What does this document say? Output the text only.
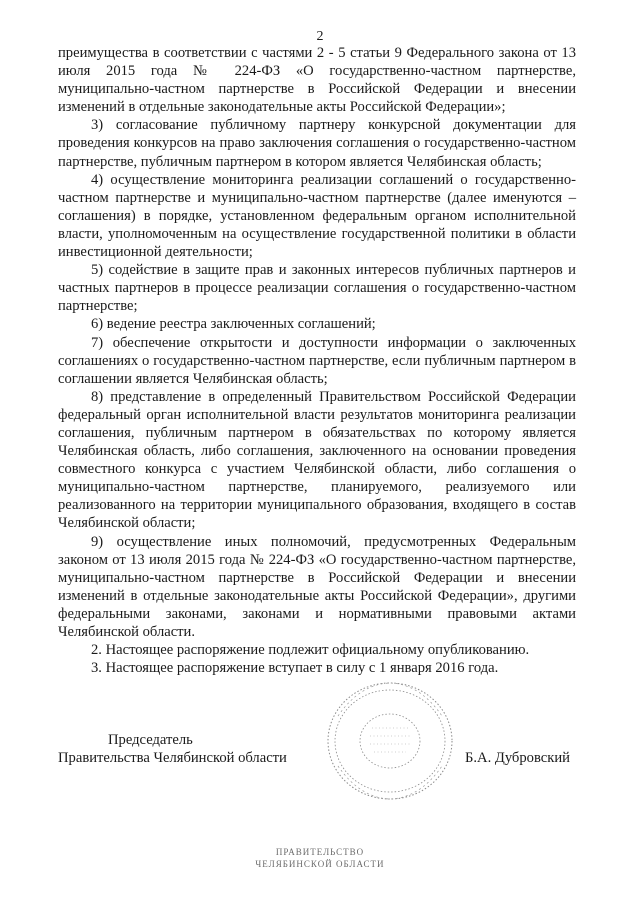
2

преимущества в соответствии с частями 2 - 5 статьи 9 Федерального закона от 13 июля 2015 года № 224-ФЗ «О государственно-частном партнерстве, муниципально-частном партнерстве в Российской Федерации и внесении изменений в отдельные законодательные акты Российской Федерации»;

3) согласование публичному партнеру конкурсной документации для проведения конкурсов на право заключения соглашения о государственно-частном партнерстве, публичным партнером в котором является Челябинская область;

4) осуществление мониторинга реализации соглашений о государственно-частном партнерстве и муниципально-частном партнерстве (далее именуются – соглашения) в порядке, установленном федеральным органом исполнительной власти, уполномоченным на осуществление государственной политики в области инвестиционной деятельности;

5) содействие в защите прав и законных интересов публичных партнеров и частных партнеров в процессе реализации соглашения о государственно-частном партнерстве;

6) ведение реестра заключенных соглашений;

7) обеспечение открытости и доступности информации о заключенных соглашениях о государственно-частном партнерстве, если публичным партнером в соглашении является Челябинская область;

8) представление в определенный Правительством Российской Федерации федеральный орган исполнительной власти результатов мониторинга реализации соглашения, публичным партнером в обязательствах по которому является Челябинская область, либо соглашения, заключенного на основании проведения совместного конкурса с участием Челябинской области, либо соглашения о муниципально-частном партнерстве, планируемого, реализуемого или реализованного на территории муниципального образования, входящего в состав Челябинской области;

9) осуществление иных полномочий, предусмотренных Федеральным законом от 13 июля 2015 года № 224-ФЗ «О государственно-частном партнерстве, муниципально-частном партнерстве в Российской Федерации и внесении изменений в отдельные законодательные акты Российской Федерации», другими федеральными законами, законами и нормативными правовыми актами Челябинской области.

2. Настоящее распоряжение подлежит официальному опубликованию.

3. Настоящее распоряжение вступает в силу с 1 января 2016 года.

Председатель
Правительства Челябинской области	Б.А. Дубровский
ПРАВИТЕЛЬСТВО
ЧЕЛЯБИНСКОЙ ОБЛАСТИ
